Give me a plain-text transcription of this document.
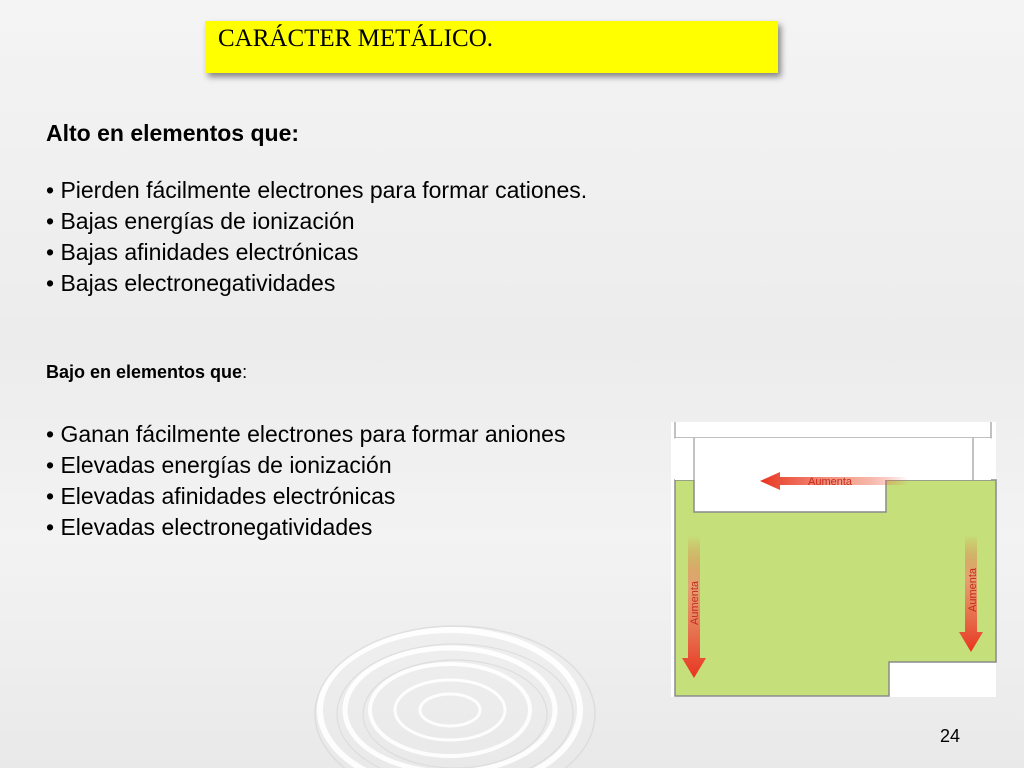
CARÁCTER METÁLICO.
Alto en elementos que:
• Pierden fácilmente electrones para formar cationes.
• Bajas energías de ionización
• Bajas afinidades electrónicas
• Bajas electronegatividades
Bajo en elementos que:
• Ganan fácilmente electrones para formar aniones
• Elevadas energías de ionización
• Elevadas afinidades electrónicas
• Elevadas electronegatividades
Aumenta
Aumenta	Aumenta
24
